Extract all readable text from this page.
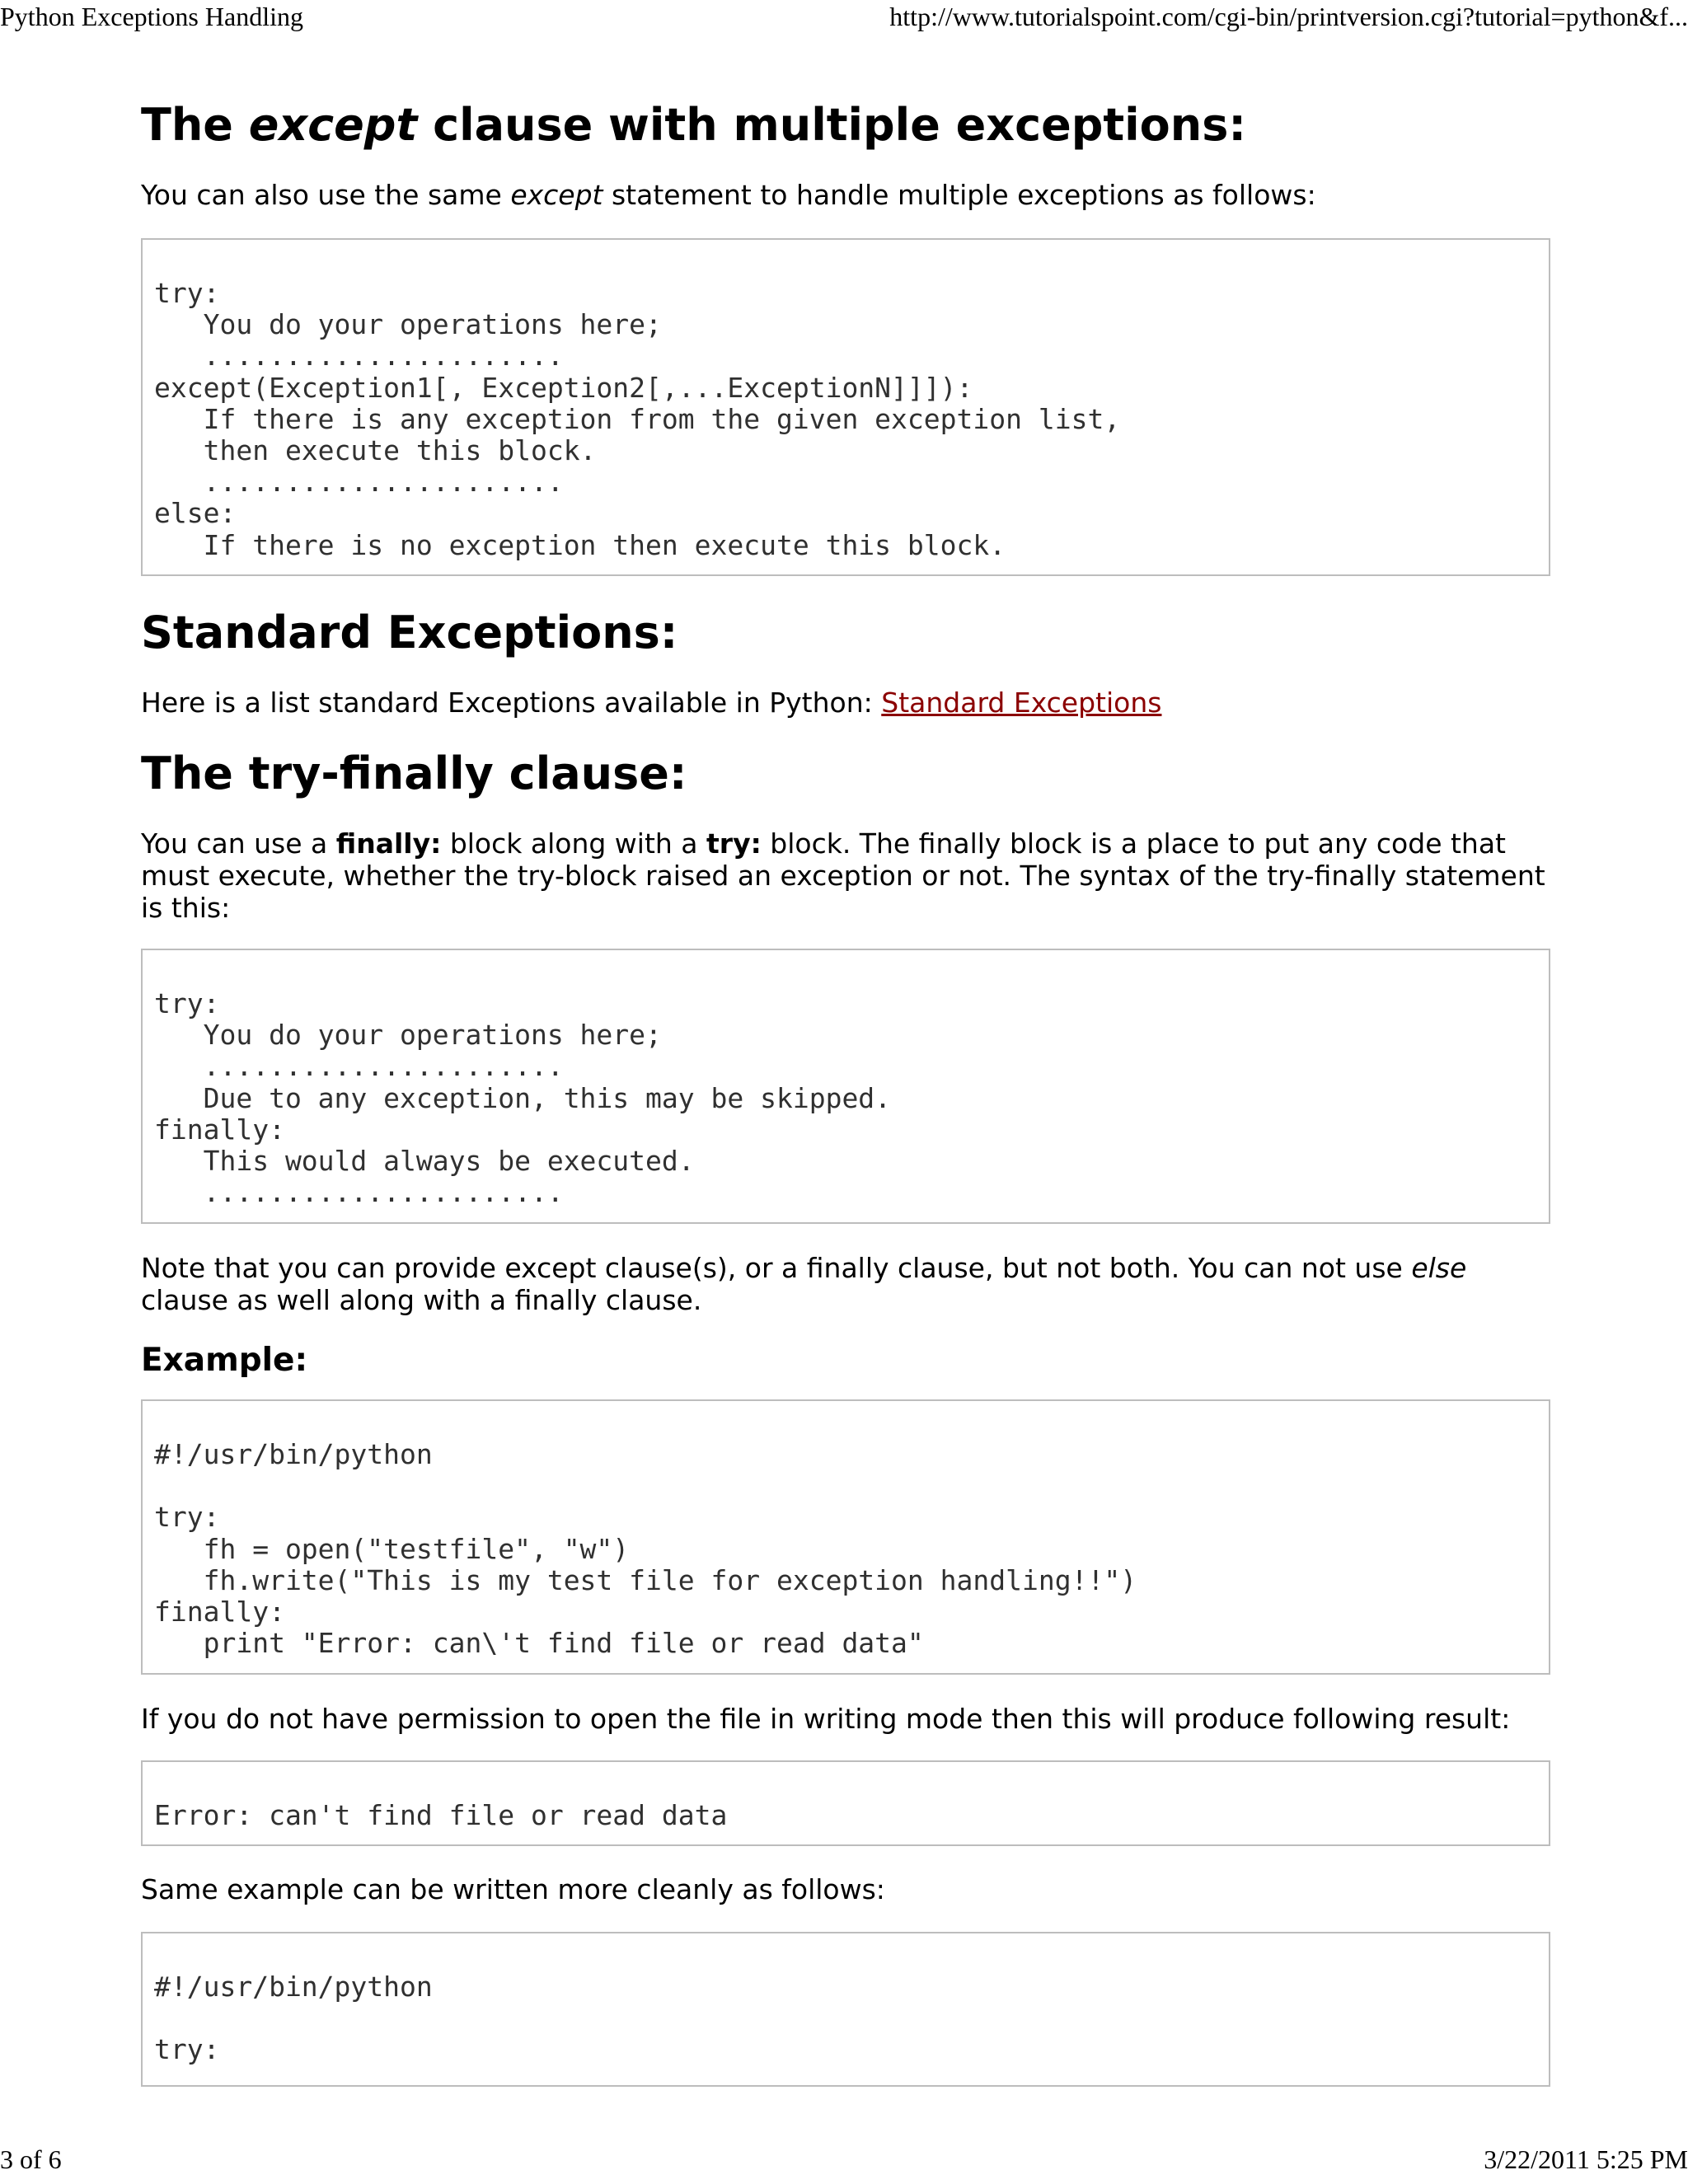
Python Exceptions Handling	http://www.tutorialspoint.com/cgi-bin/printversion.cgi?tutorial=python&f...
The except clause with multiple exceptions:

You can also use the same except statement to handle multiple exceptions as follows:

try:
You do your operations here;
......................
except(Exception1[, Exception2[,...ExceptionN]]]):
If there is any exception from the given exception list,
then execute this block.
......................
else:
If there is no exception then execute this block.
Standard Exceptions:

Here is a list standard Exceptions available in Python: Standard Exceptions

The try-finally clause:

You can use a finally: block along with a try: block. The finally block is a place to put any code that must execute, whether the try-block raised an exception or not. The syntax of the try-finally statement is this:

try:
You do your operations here;
......................
Due to any exception, this may be skipped.
finally:
This would always be executed.
......................

Note that you can provide except clause(s), or a finally clause, but not both. You can not use else clause as well along with a finally clause.

Example:
#!/usr/bin/python

try:
fh = open("testfile", "w")
fh.write("This is my test file for exception handling!!")
finally:
print "Error: can\'t find file or read data"

If you do not have permission to open the file in writing mode then this will produce following result:

Error: can't find file or read data

Same example can be written more cleanly as follows:

#!/usr/bin/python

try:
3 of 6	3/22/2011 5:25 PM
